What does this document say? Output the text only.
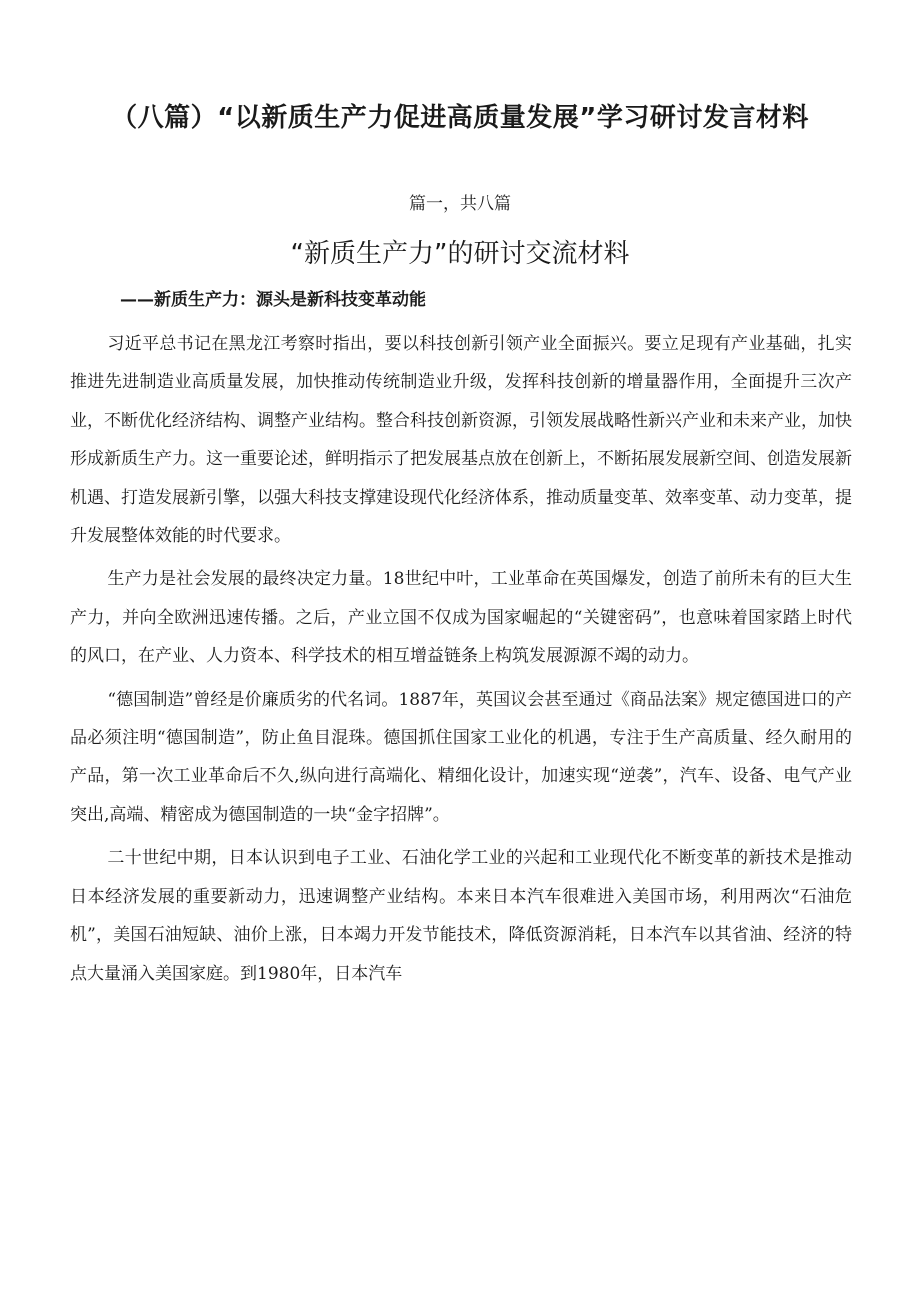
（八篇）“以新质生产力促进高质量发展”学习研讨发言材料
篇一，共八篇
“新质生产力”的研讨交流材料
——新质生产力：源头是新科技变革动能

习近平总书记在黑龙江考察时指出，要以科技创新引领产业全面振兴。要立足现有产业基础，扎实推进先进制造业高质量发展，加快推动传统制造业升级，发挥科技创新的增量器作用，全面提升三次产业，不断优化经济结构、调整产业结构。整合科技创新资源，引领发展战略性新兴产业和未来产业，加快形成新质生产力。这一重要论述，鲜明指示了把发展基点放在创新上，不断拓展发展新空间、创造发展新机遇、打造发展新引擎，以强大科技支撑建设现代化经济体系，推动质量变革、效率变革、动力变革，提升发展整体效能的时代要求。

生产力是社会发展的最终决定力量。18世纪中叶，工业革命在英国爆发，创造了前所未有的巨大生产力，并向全欧洲迅速传播。之后，产业立国不仅成为国家崛起的“关键密码”，也意味着国家踏上时代的风口，在产业、人力资本、科学技术的相互增益链条上构筑发展源源不竭的动力。

“德国制造”曾经是价廉质劣的代名词。1887年，英国议会甚至通过《商品法案》规定德国进口的产品必须注明“德国制造”，防止鱼目混珠。德国抓住国家工业化的机遇，专注于生产高质量、经久耐用的产品，第一次工业革命后不久,纵向进行高端化、精细化设计，加速实现“逆袭”，汽车、设备、电气产业突出,高端、精密成为德国制造的一块“金字招牌”。

二十世纪中期，日本认识到电子工业、石油化学工业的兴起和工业现代化不断变革的新技术是推动日本经济发展的重要新动力，迅速调整产业结构。本来日本汽车很难进入美国市场，利用两次“石油危机”，美国石油短缺、油价上涨，日本竭力开发节能技术，降低资源消耗，日本汽车以其省油、经济的特点大量涌入美国家庭。到1980年，日本汽车
